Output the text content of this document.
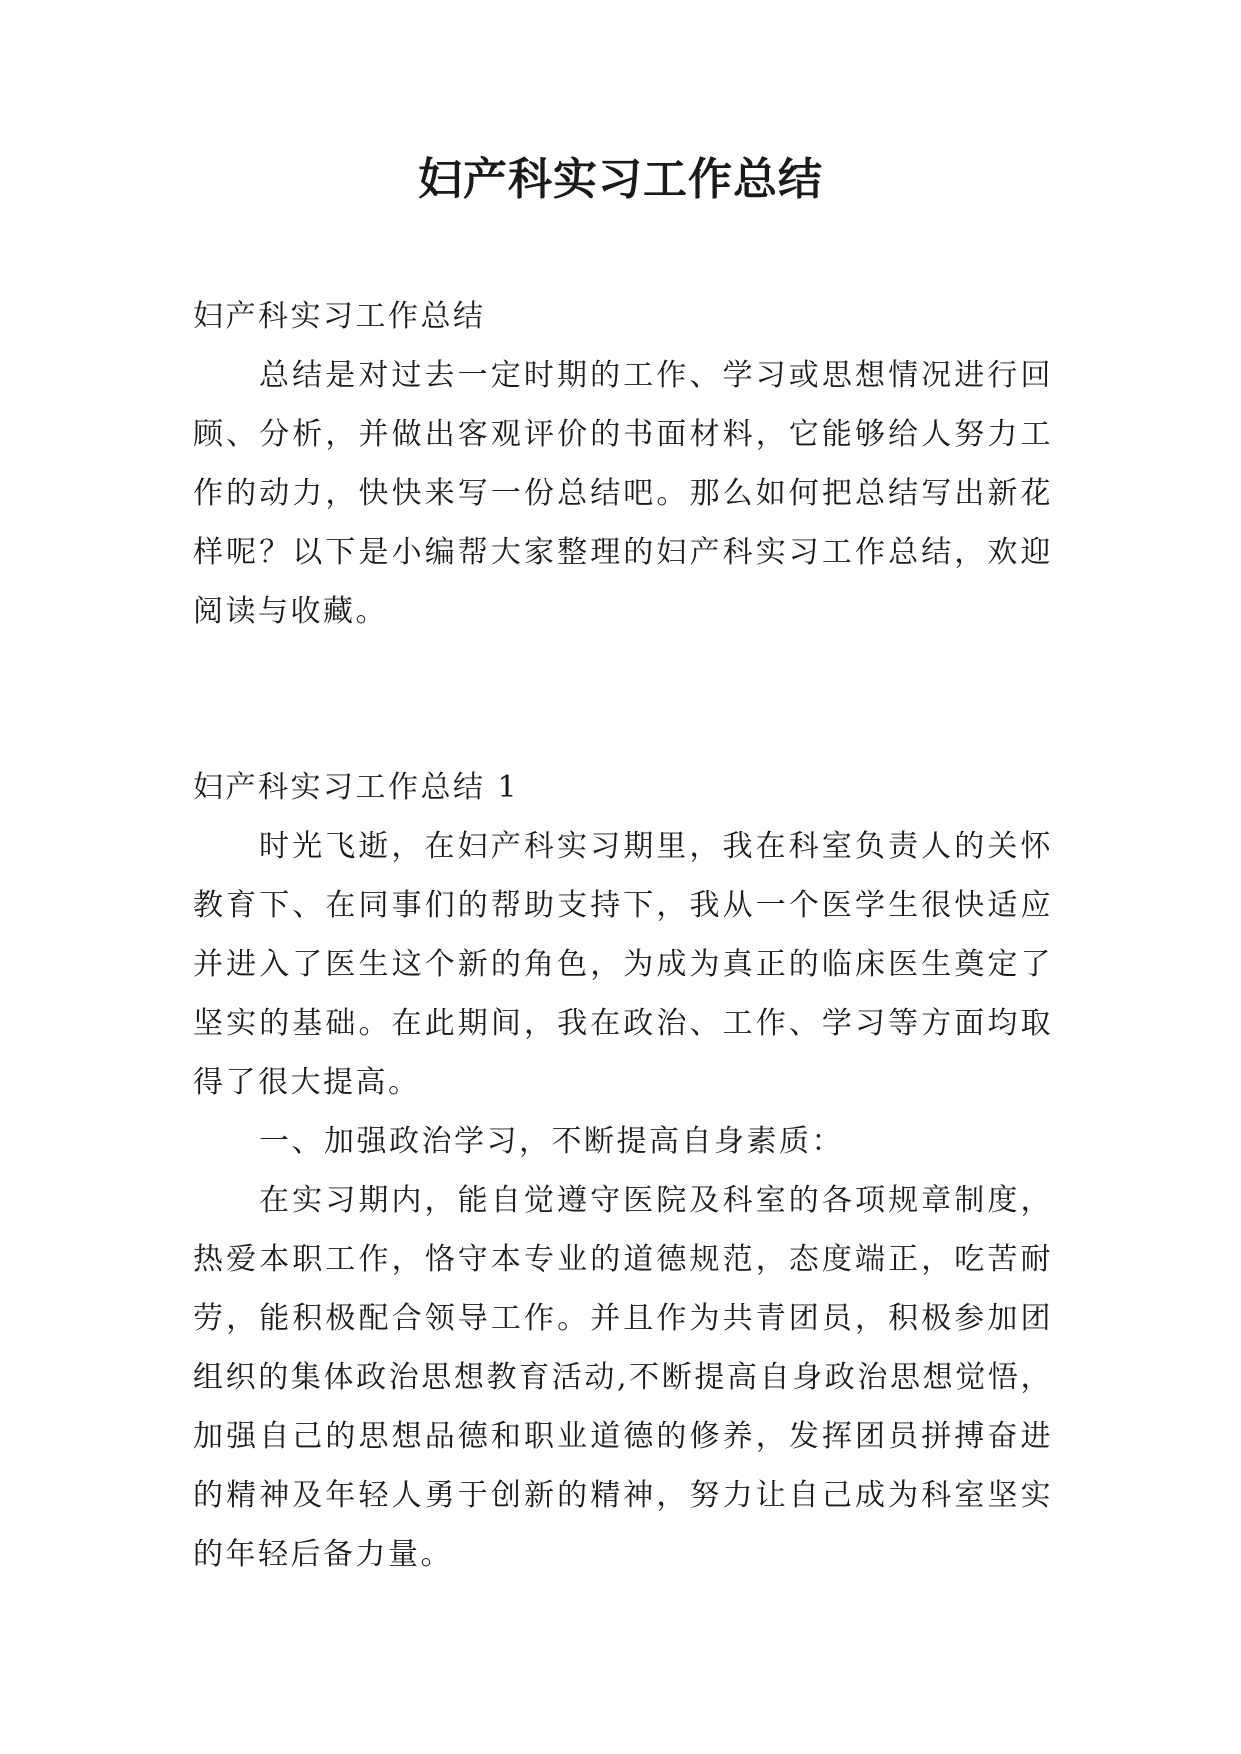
妇产科实习工作总结
妇产科实习工作总结
总结是对过去一定时期的工作、学习或思想情况进行回顾、分析，并做出客观评价的书面材料，它能够给人努力工作的动力，快快来写一份总结吧。那么如何把总结写出新花样呢？以下是小编帮大家整理的妇产科实习工作总结，欢迎阅读与收藏。
妇产科实习工作总结 1
时光飞逝，在妇产科实习期里，我在科室负责人的关怀教育下、在同事们的帮助支持下，我从一个医学生很快适应并进入了医生这个新的角色，为成为真正的临床医生奠定了坚实的基础。在此期间，我在政治、工作、学习等方面均取得了很大提高。
一、加强政治学习，不断提高自身素质：
在实习期内，能自觉遵守医院及科室的各项规章制度，热爱本职工作，恪守本专业的道德规范，态度端正，吃苦耐劳，能积极配合领导工作。并且作为共青团员，积极参加团组织的集体政治思想教育活动,不断提高自身政治思想觉悟，加强自己的思想品德和职业道德的修养，发挥团员拼搏奋进的精神及年轻人勇于创新的精神，努力让自己成为科室坚实的年轻后备力量。
